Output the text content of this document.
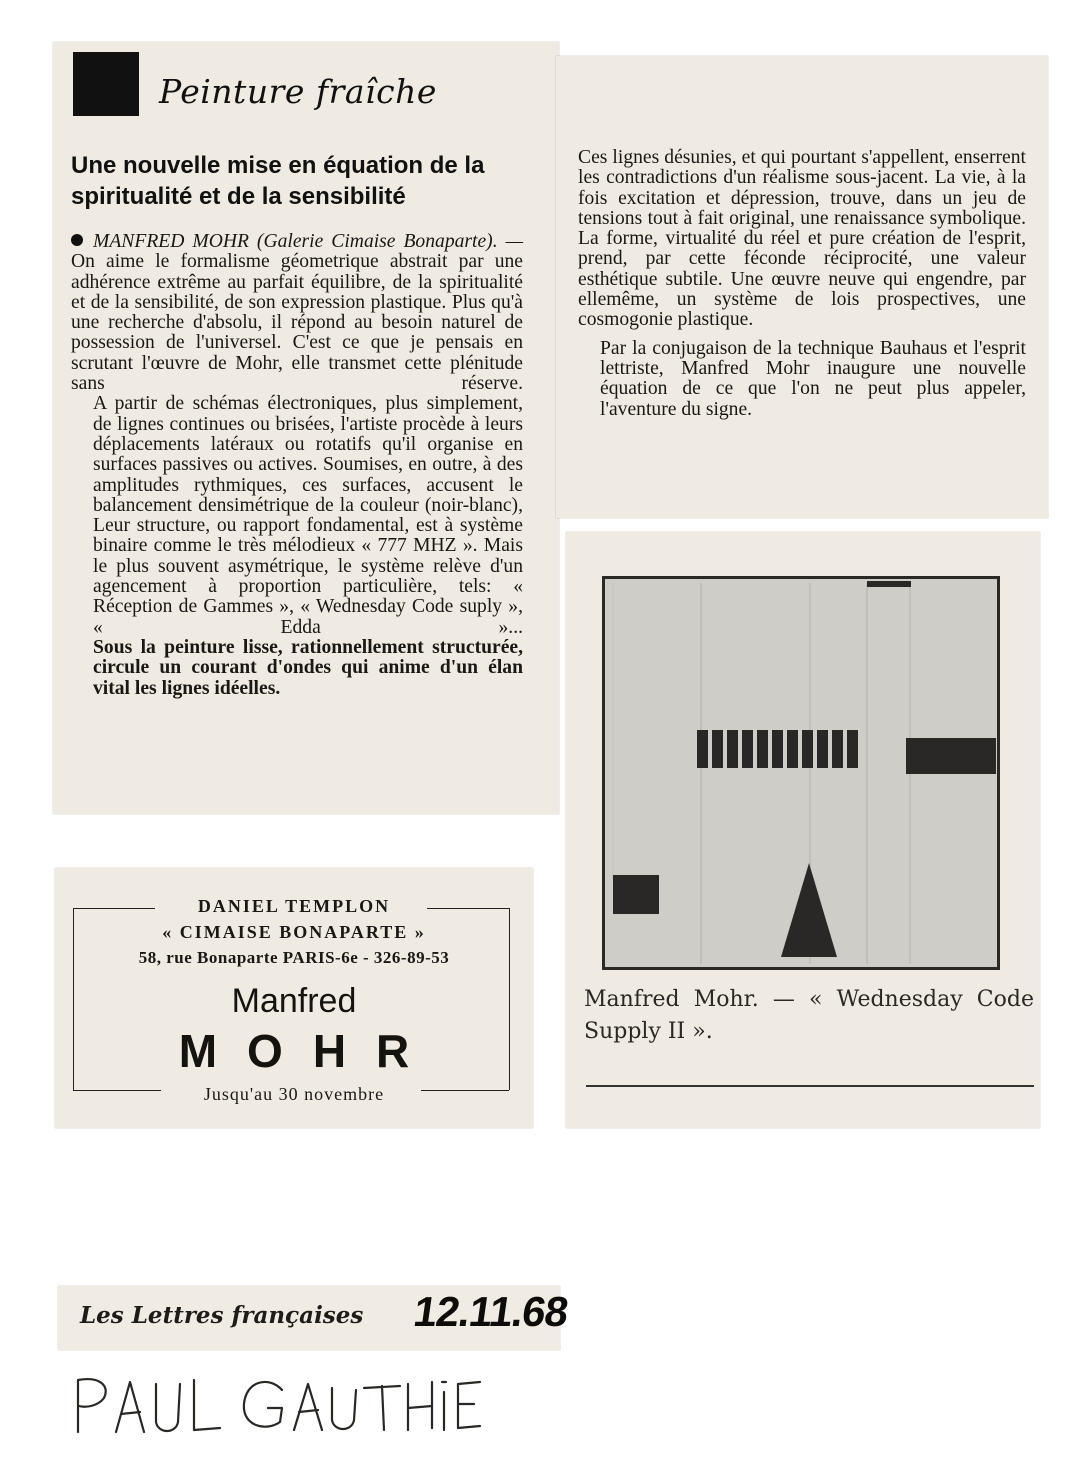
Peinture fraîche
Une nouvelle mise en équation de la spiritualité et de la sensibilité

MANFRED MOHR (Galerie Cimaise Bonaparte). — On aime le formalisme géometrique abstrait par une adhérence extrême au parfait équilibre, de la spiritualité et de la sensibilité, de son expression plastique. Plus qu'à une recherche d'absolu, il répond au besoin naturel de possession de l'universel. C'est ce que je pensais en scrutant l'œuvre de Mohr, elle transmet cette plénitude sans réserve.

A partir de schémas électroniques, plus simplement, de lignes continues ou brisées, l'artiste procède à leurs déplacements latéraux ou rotatifs qu'il organise en surfaces passives ou actives. Soumises, en outre, à des amplitudes rythmiques, ces surfaces, accusent le balancement densimétrique de la couleur (noir-blanc), Leur structure, ou rapport fondamental, est à système binaire comme le très mélodieux « 777 MHZ ». Mais le plus souvent asymétrique, le système relève d'un agencement à proportion particulière, tels: « Réception de Gammes », « Wednesday Code suply », « Edda »...

Sous la peinture lisse, rationnellement structurée, circule un courant d'ondes qui anime d'un élan vital les lignes idéelles.

Ces lignes désunies, et qui pourtant s'appellent, enserrent les contradictions d'un réalisme sous-jacent. La vie, à la fois excitation et dépression, trouve, dans un jeu de tensions tout à fait original, une renaissance symbolique. La forme, virtualité du réel et pure création de l'esprit, prend, par cette féconde réciprocité, une valeur esthétique subtile. Une œuvre neuve qui engendre, par ellemême, un système de lois prospectives, une cosmogonie plastique.

Par la conjugaison de la technique Bauhaus et l'esprit lettriste, Manfred Mohr inaugure une nouvelle équation de ce que l'on ne peut plus appeler, l'aventure du signe.

DANIEL TEMPLON
« CIMAISE BONAPARTE »
58, rue Bonaparte PARIS-6e - 326-89-53
Manfred
MOHR
Jusqu'au 30 novembre
Manfred Mohr. — « Wednesday Code Supply II ».
Les Lettres françaises 12.11.68
